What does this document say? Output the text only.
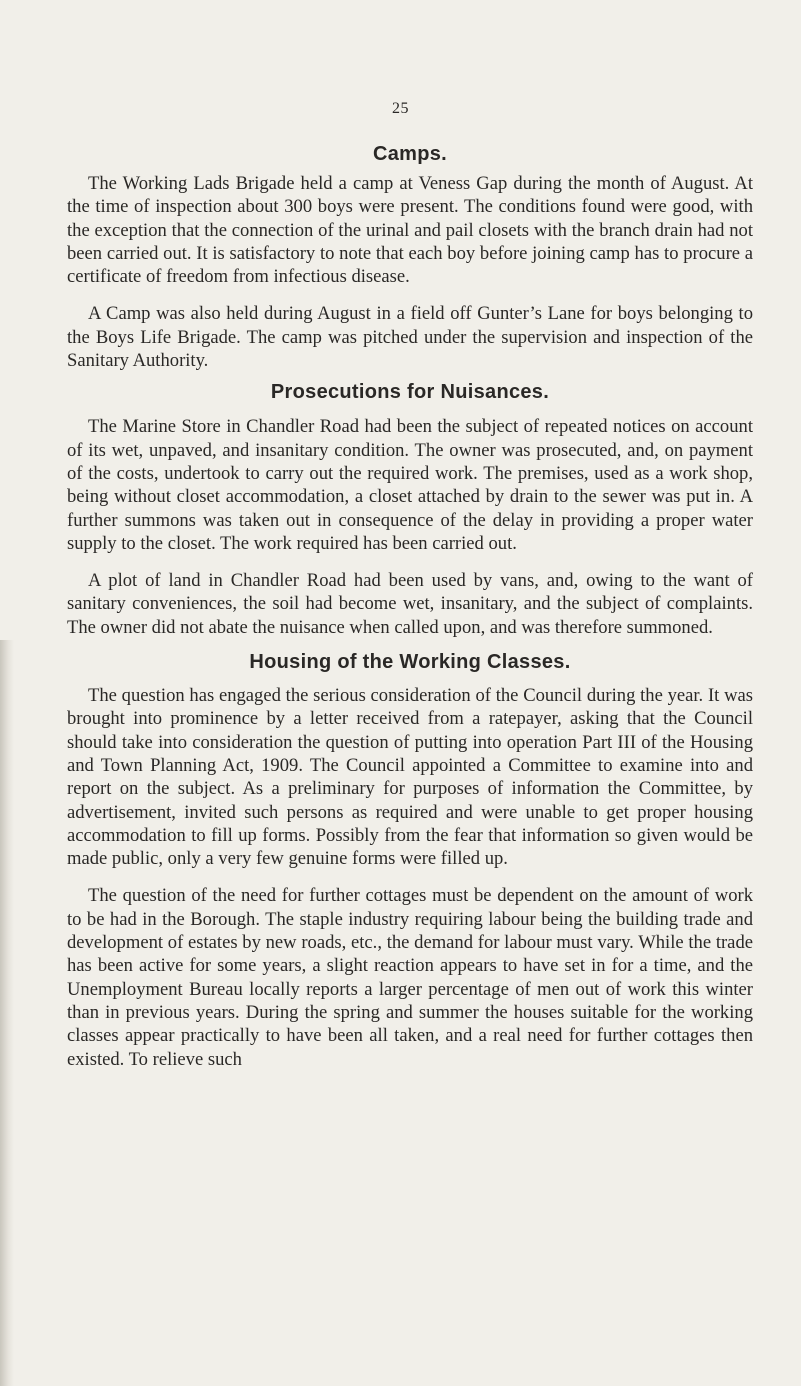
25

Camps.

The Working Lads Brigade held a camp at Veness Gap during the month of August. At the time of inspection about 300 boys were present. The conditions found were good, with the exception that the connection of the urinal and pail closets with the branch drain had not been carried out. It is satisfactory to note that each boy before joining camp has to procure a certificate of freedom from infectious disease.

A Camp was also held during August in a field off Gunter’s Lane for boys belonging to the Boys Life Brigade. The camp was pitched under the supervision and inspection of the Sanitary Authority.

Prosecutions for Nuisances.

The Marine Store in Chandler Road had been the subject of repeated notices on account of its wet, unpaved, and insanitary condition. The owner was prosecuted, and, on payment of the costs, undertook to carry out the required work. The premises, used as a work shop, being without closet accommodation, a closet attached by drain to the sewer was put in. A further summons was taken out in consequence of the delay in providing a proper water supply to the closet. The work required has been carried out.

A plot of land in Chandler Road had been used by vans, and, owing to the want of sanitary conveniences, the soil had become wet, insanitary, and the subject of complaints. The owner did not abate the nuisance when called upon, and was therefore summoned.

Housing of the Working Classes.

The question has engaged the serious consideration of the Council during the year. It was brought into prominence by a letter received from a ratepayer, asking that the Council should take into consideration the question of putting into operation Part III of the Housing and Town Planning Act, 1909. The Council appointed a Committee to examine into and report on the subject. As a preliminary for purposes of information the Committee, by advertisement, invited such persons as required and were unable to get proper housing accommodation to fill up forms. Possibly from the fear that information so given would be made public, only a very few genuine forms were filled up.

The question of the need for further cottages must be dependent on the amount of work to be had in the Borough. The staple industry requiring labour being the building trade and development of estates by new roads, etc., the demand for labour must vary. While the trade has been active for some years, a slight reaction appears to have set in for a time, and the Unemployment Bureau locally reports a larger percentage of men out of work this winter than in previous years. During the spring and summer the houses suitable for the working classes appear practically to have been all taken, and a real need for further cottages then existed. To relieve such
